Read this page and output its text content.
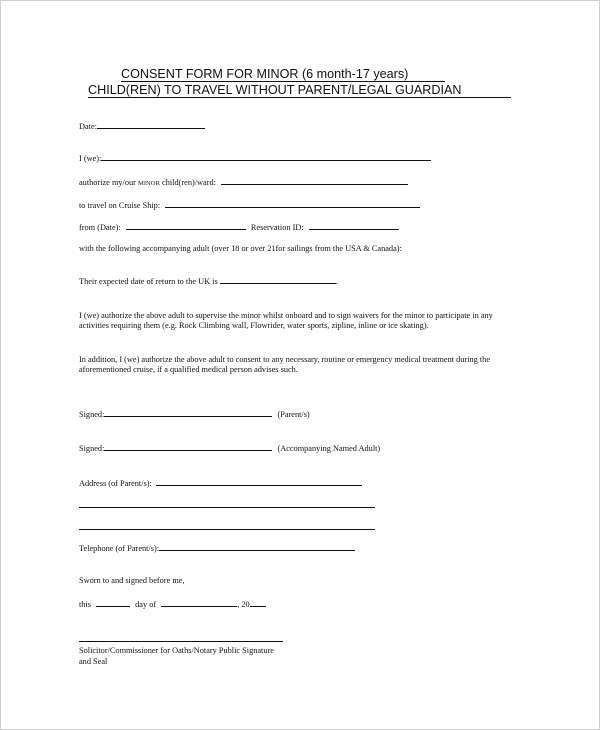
CONSENT FORM FOR MINOR (6 month-17 years)
CHILD(REN) TO TRAVEL WITHOUT PARENT/LEGAL GUARDIAN
Date:
I (we):
authorize my/our MINOR child(ren)/ward:
to travel on Cruise Ship:
from (Date):	Reservation ID:
with the following accompanying adult (over 18 or over 21for sailings from the USA & Canada):
Their expected date of return to the UK is	.
I (we) authorize the above adult to supervise the minor whilst onboard and to sign waivers for the minor to participate in any activities requiring them (e.g. Rock Climbing wall, Flowrider, water sports, zipline, inline or ice skating).
In addition, I (we) authorize the above adult to consent to any necessary, routine or emergency medical treatment during the aforementioned cruise, if a qualified medical person advises such.
Signed:	(Parent/s)
Signed:	(Accompanying Named Adult)
Address (of Parent/s):
Telephone (of Parent/s):
Sworn to and signed before me,
this	day of	, 20
Solicitor/Commissioner for Oaths/Notary Public Signature
and Seal
